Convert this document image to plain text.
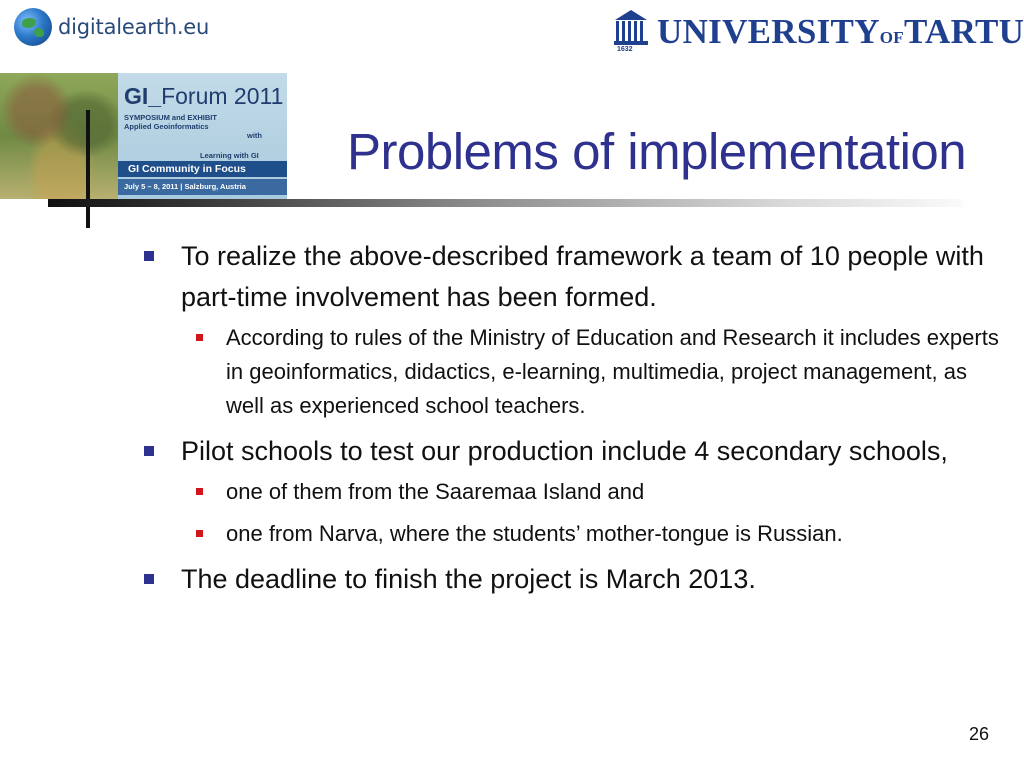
digitalearth.eu
GI_Forum 2011
SYMPOSIUM and EXHIBIT
Applied Geoinformatics
with
Learning with GI
GI Community in Focus
July 5 – 8, 2011 | Salzburg, Austria
1632 UNIVERSITYOFTARTU
Problems of implementation
To realize the above-described framework a team of 10 people with part-time involvement has been formed.
According to rules of the Ministry of Education and Research it includes experts in geoinformatics, didactics, e-learning, multimedia, project management, as well as experienced school teachers.
Pilot schools to test our production include 4 secondary schools,
one of them from the Saaremaa Island and
one from Narva, where the students’ mother-tongue is Russian.
The deadline to finish the project is March 2013.
26
